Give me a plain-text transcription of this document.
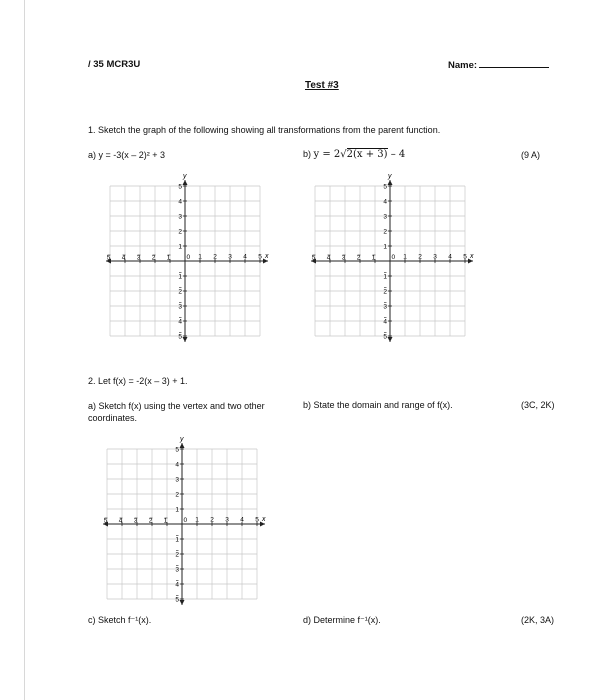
/ 35 MCR3U	Name:
Test #3
1. Sketch the graph of the following showing all transformations from the parent function.
a) y = -3(x – 2)² + 3	b) y = 2√2(x + 3) – 4	(9 A)
x
y
0
5 4 3 2 1	1 2 3 4 5
5
4
3
2
1
1
2
3
4
5
x
y
0
5 4 3 2 1	1 2 3 4 5
5
4
3
2
1
1
2
3
4
5
2. Let f(x) = -2(x – 3) + 1.
a) Sketch f(x) using the vertex and two other coordinates.
b) State the domain and range of f(x).	(3C, 2K)
x
y
0
5 4 3 2 1	1 2 3 4 5
5
4
3
2
1
1
2
3
4
5
c) Sketch f⁻¹(x).	d) Determine f⁻¹(x).	(2K, 3A)
